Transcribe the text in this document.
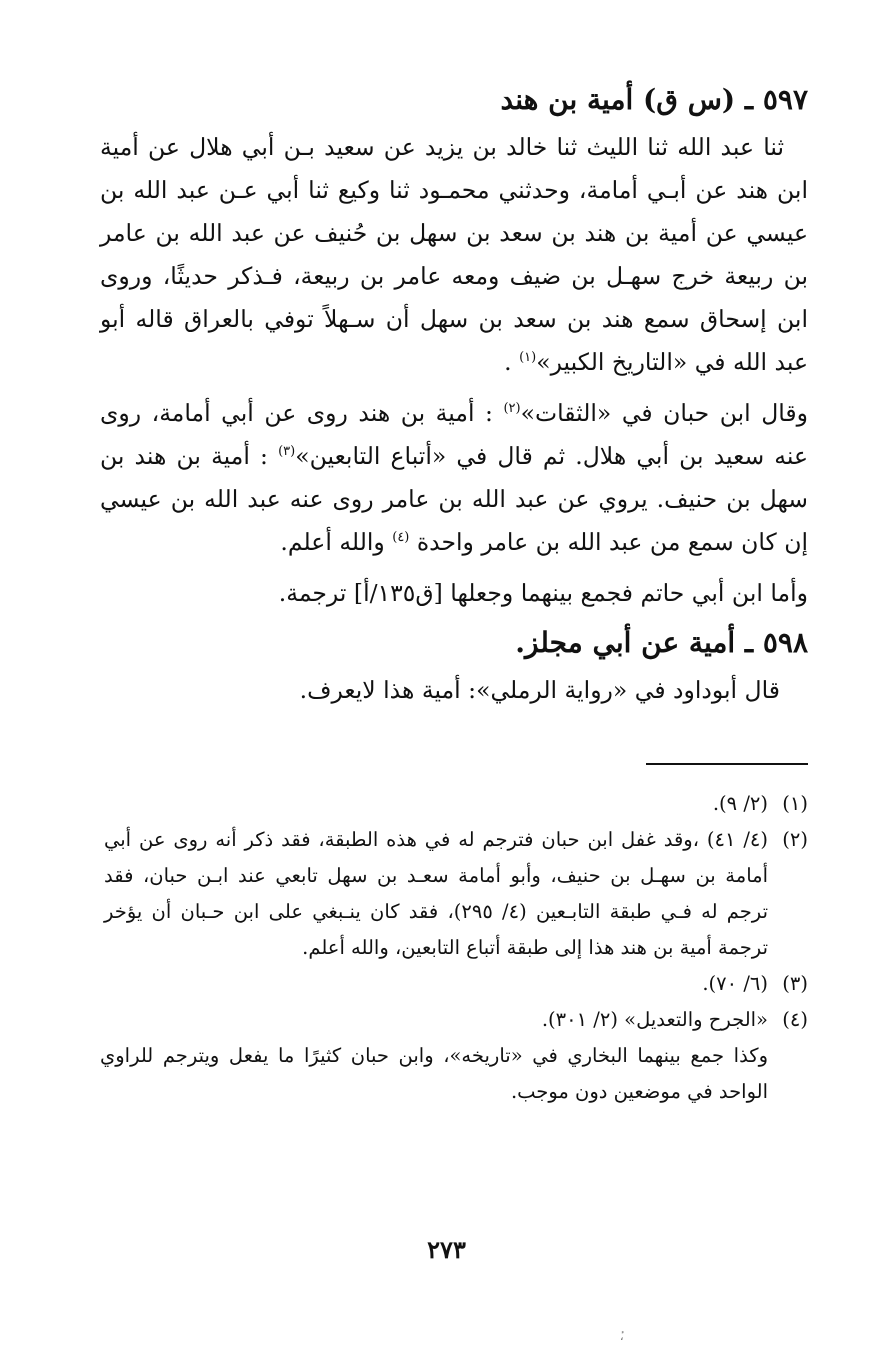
٥٩٧ ـ (س ق) أمية بن هند
ثنا عبد الله ثنا الليث ثنا خالد بن يزيد عن سعيد بـن أبي هلال عن أمية ابن هند عن أبـي أمامة، وحدثني محمـود ثنا وكيع ثنا أبي عـن عبد الله بن عيسي عن أمية بن هند بن سعد بن سهل بن حُنيف عن عبد الله بن عامر بن ربيعة خرج سهـل بن ضيف ومعه عامر بن ربيعة، فـذكر حديثًا، وروى ابن إسحاق سمع هند بن سعد بن سهل أن سـهلاً توفي بالعراق قاله أبو عبد الله في «التاريخ الكبير»$^{(١)}$ .
وقال ابن حبان في «الثقات»$^{(٢)}$ : أمية بن هند روى عن أبي أمامة، روى عنه سعيد بن أبي هلال. ثم قال في «أتباع التابعين»$^{(٣)}$ : أمية بن هند بن سهل بن حنيف. يروي عن عبد الله بن عامر روى عنه عبد الله بن عيسي إن كان سمع من عبد الله بن عامر واحدة $^{(٤)}$ والله أعلم.
وأما ابن أبي حاتم فجمع بينهما وجعلها [ق١٣٥/أ] ترجمة.
٥٩٨ ـ أمية عن أبي مجلز.
قال أبوداود في «رواية الرملي»: أمية هذا لايعرف.
(١)
(٢/ ٩).
(٢)
(٤/ ٤١) ،وقد غفل ابن حبان فترجم له في هذه الطبقة، فقد ذكر أنه روى عن أبي أمامة بن سهـل بن حنيف، وأبو أمامة سعـد بن سهل تابعي عند ابـن حبان، فقد ترجم له فـي طبقة التابـعين (٤/ ٢٩٥)، فقد كان ينـبغي على ابن حـبان أن يؤخر ترجمة أمية بن هند هذا إلى طبقة أتباع التابعين، والله أعلم.
(٣)
(٦/ ٧٠).
(٤)
«الجرح والتعديل» (٢/ ٣٠١).
وكذا جمع بينهما البخاري في «تاريخه»، وابن حبان كثيرًا ما يفعل ويترجم للراوي الواحد في موضعين دون موجب.
٢٧٣
،ٔ
